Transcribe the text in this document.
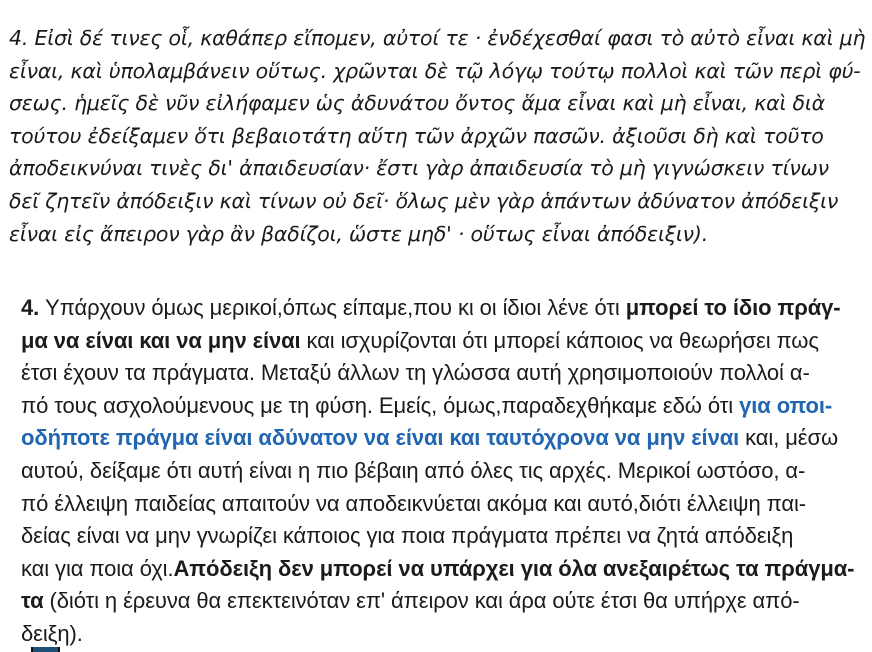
4. Εἰσὶ δέ τινες οἷ, καθάπερ εἴπομεν, αὐτοί τε · ἐνδέχεσθαί φασι τὸ αὐτὸ εἶναι καὶ μὴ
εἶναι, καὶ ὑπολαμβάνειν οὕτως. χρῶνται δὲ τῷ λόγῳ τούτῳ πολλοὶ καὶ τῶν περὶ φύ-
σεως. ἡμεῖς δὲ νῦν εἰλήφαμεν ὡς ἀδυνάτου ὄντος ἅμα εἶναι καὶ μὴ εἶναι, καὶ διὰ
τούτου ἐδείξαμεν ὅτι βεβαιοτάτη αὕτη τῶν ἀρχῶν πασῶν. ἀξιοῦσι δὴ καὶ τοῦτο
ἀποδεικνύναι τινὲς δι' ἀπαιδευσίαν· ἔστι γὰρ ἀπαιδευσία τὸ μὴ γιγνώσκειν τίνων
δεῖ ζητεῖν ἀπόδειξιν καὶ τίνων οὐ δεῖ· ὅλως μὲν γὰρ ἁπάντων ἀδύνατον ἀπόδειξιν
εἶναι εἰς ἄπειρον γὰρ ἂν βαδίζοι, ὥστε μηδ' · οὕτως εἶναι ἀπόδειξιν).
4. Υπάρχουν όμως μερικοί,όπως είπαμε,που κι οι ίδιοι λένε ότι μπορεί το ίδιο πράγ-
μα να είναι και να μην είναι και ισχυρίζονται ότι μπορεί κάποιος να θεωρήσει πως
έτσι έχουν τα πράγματα. Μεταξύ άλλων τη γλώσσα αυτή χρησιμοποιούν πολλοί α-
πό τους ασχολούμενους με τη φύση. Εμείς, όμως,παραδεχθήκαμε εδώ ότι για οποι-
οδήποτε πράγμα είναι αδύνατον να είναι και ταυτόχρονα να μην είναι και, μέσω
αυτού, δείξαμε ότι αυτή είναι η πιο βέβαιη από όλες τις αρχές. Μερικοί ωστόσο, α-
πό έλλειψη παιδείας απαιτούν να αποδεικνύεται ακόμα και αυτό,διότι έλλειψη παι-
δείας είναι να μην γνωρίζει κάποιος για ποια πράγματα πρέπει να ζητά απόδειξη
και για ποια όχι.Απόδειξη δεν μπορεί να υπάρχει για όλα ανεξαιρέτως τα πράγμα-
τα (διότι η έρευνα θα επεκτεινόταν επ' άπειρον και άρα ούτε έτσι θα υπήρχε από-
δειξη).
